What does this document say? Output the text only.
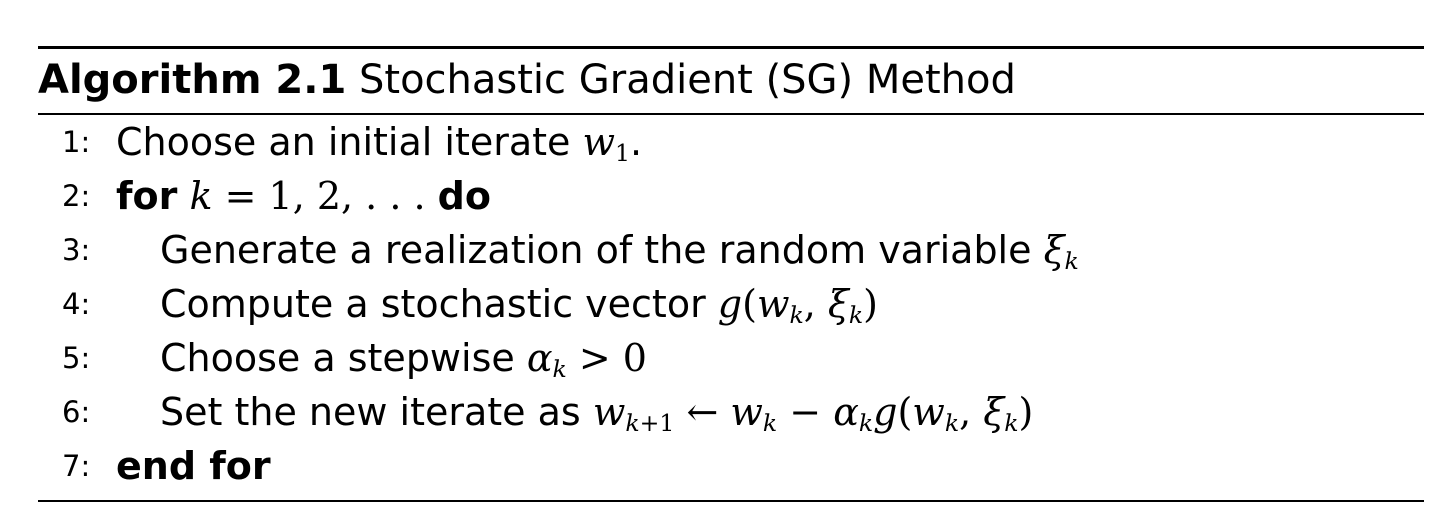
Algorithm 2.1 Stochastic Gradient (SG) Method
1: Choose an initial iterate $w_1$.
2: for k = 1, 2, . . . do
3: Generate a realization of the random variable $\xi_k$
4: Compute a stochastic vector $g(w_k$, $\xi_k$)
5: Choose a stepwise $\alpha_k > 0$
6: Set the new iterate as $w_{k+1}$ ← $w_k - \alpha_kg(w_k$, $\xi_k$)
7: end for
